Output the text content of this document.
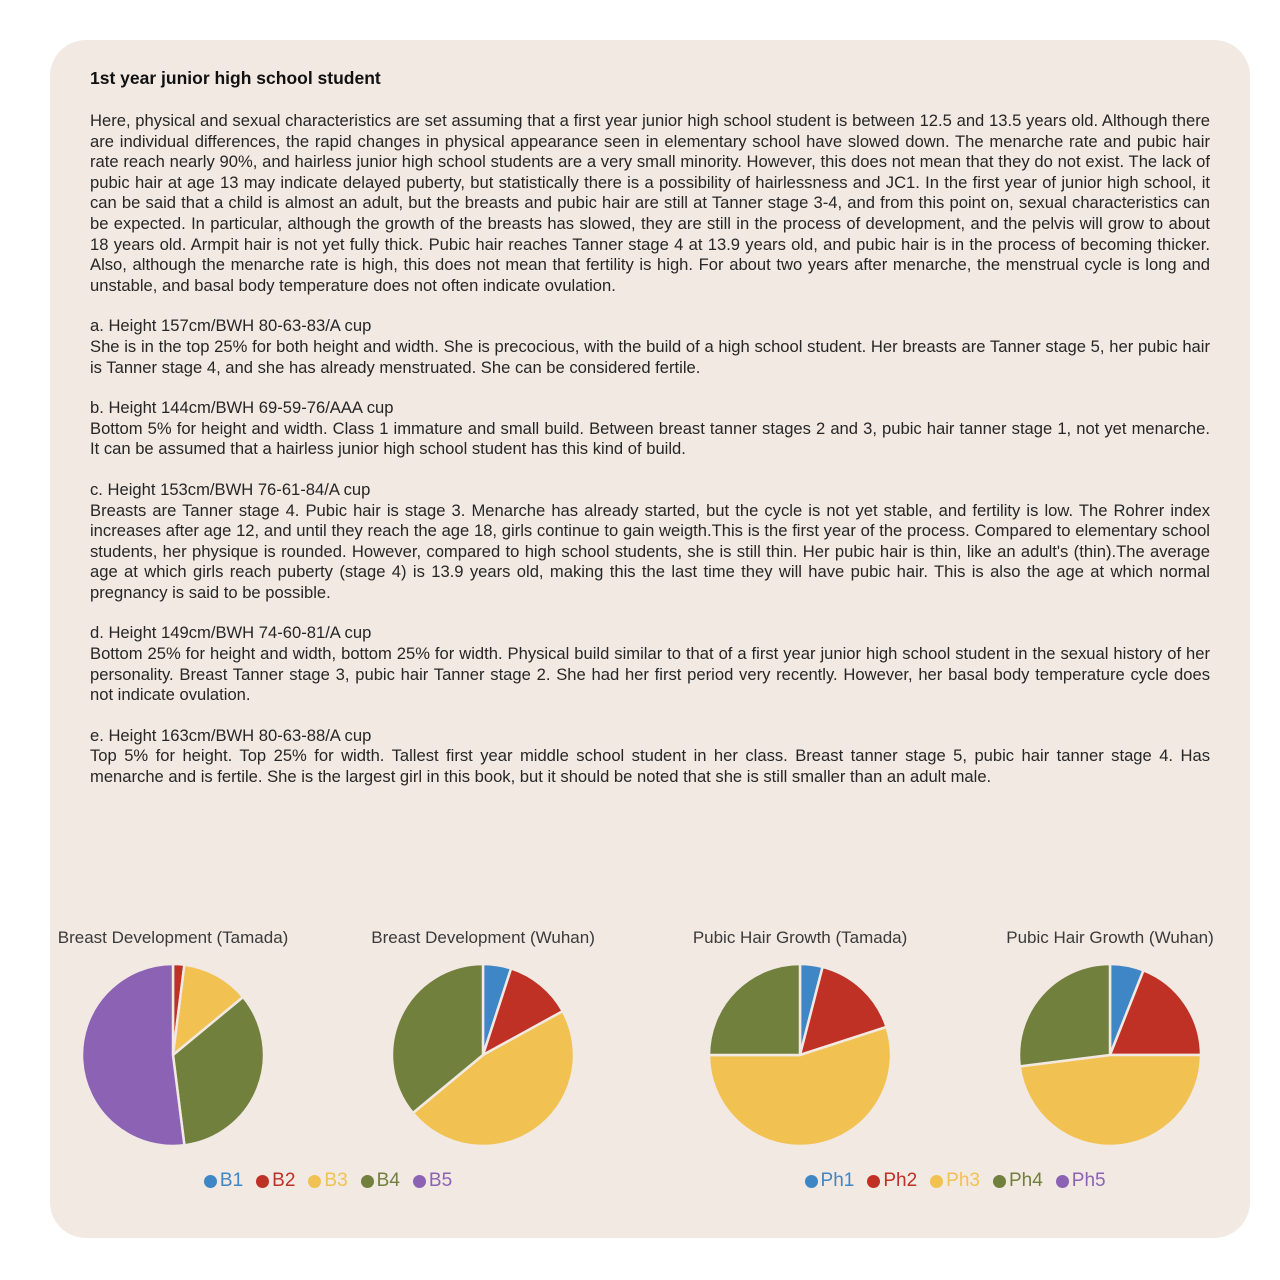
1st year junior high school student

Here, physical and sexual characteristics are set assuming that a first year junior high school student is between 12.5 and 13.5 years old. Although there are individual differences, the rapid changes in physical appearance seen in elementary school have slowed down. The menarche rate and pubic hair rate reach nearly 90%, and hairless junior high school students are a very small minority. However, this does not mean that they do not exist. The lack of pubic hair at age 13 may indicate delayed puberty, but statistically there is a possibility of hairlessness and JC1. In the first year of junior high school, it can be said that a child is almost an adult, but the breasts and pubic hair are still at Tanner stage 3-4, and from this point on, sexual characteristics can be expected. In particular, although the growth of the breasts has slowed, they are still in the process of development, and the pelvis will grow to about 18 years old. Armpit hair is not yet fully thick. Pubic hair reaches Tanner stage 4 at 13.9 years old, and pubic hair is in the process of becoming thicker. Also, although the menarche rate is high, this does not mean that fertility is high. For about two years after menarche, the menstrual cycle is long and unstable, and basal body temperature does not often indicate ovulation.

a. Height 157cm/BWH 80-63-83/A cup

She is in the top 25% for both height and width. She is precocious, with the build of a high school student. Her breasts are Tanner stage 5, her pubic hair is Tanner stage 4, and she has already menstruated. She can be considered fertile.

b. Height 144cm/BWH 69-59-76/AAA cup

Bottom 5% for height and width. Class 1 immature and small build. Between breast tanner stages 2 and 3, pubic hair tanner stage 1, not yet menarche. It can be assumed that a hairless junior high school student has this kind of build.

c. Height 153cm/BWH 76-61-84/A cup

Breasts are Tanner stage 4. Pubic hair is stage 3. Menarche has already started, but the cycle is not yet stable, and fertility is low. The Rohrer index increases after age 12, and until they reach the age 18, girls continue to gain weigth.This is the first year of the process. Compared to elementary school students, her physique is rounded. However, compared to high school students, she is still thin. Her pubic hair is thin, like an adult's (thin).The average age at which girls reach puberty (stage 4) is 13.9 years old, making this the last time they will have pubic hair. This is also the age at which normal pregnancy is said to be possible.

d. Height 149cm/BWH 74-60-81/A cup

Bottom 25% for height and width, bottom 25% for width. Physical build similar to that of a first year junior high school student in the sexual history of her personality. Breast Tanner stage 3, pubic hair Tanner stage 2. She had her first period very recently. However, her basal body temperature cycle does not indicate ovulation.

e. Height 163cm/BWH 80-63-88/A cup

Top 5% for height. Top 25% for width. Tallest first year middle school student in her class. Breast tanner stage 5, pubic hair tanner stage 4. Has menarche and is fertile. She is the largest girl in this book, but it should be noted that she is still smaller than an adult male.

Breast Development (Tamada)	Breast Development (Wuhan)
B1 B2 B3 B4 B5
Pubic Hair Growth (Tamada)	Pubic Hair Growth (Wuhan)
Ph1 Ph2 Ph3 Ph4 Ph5
